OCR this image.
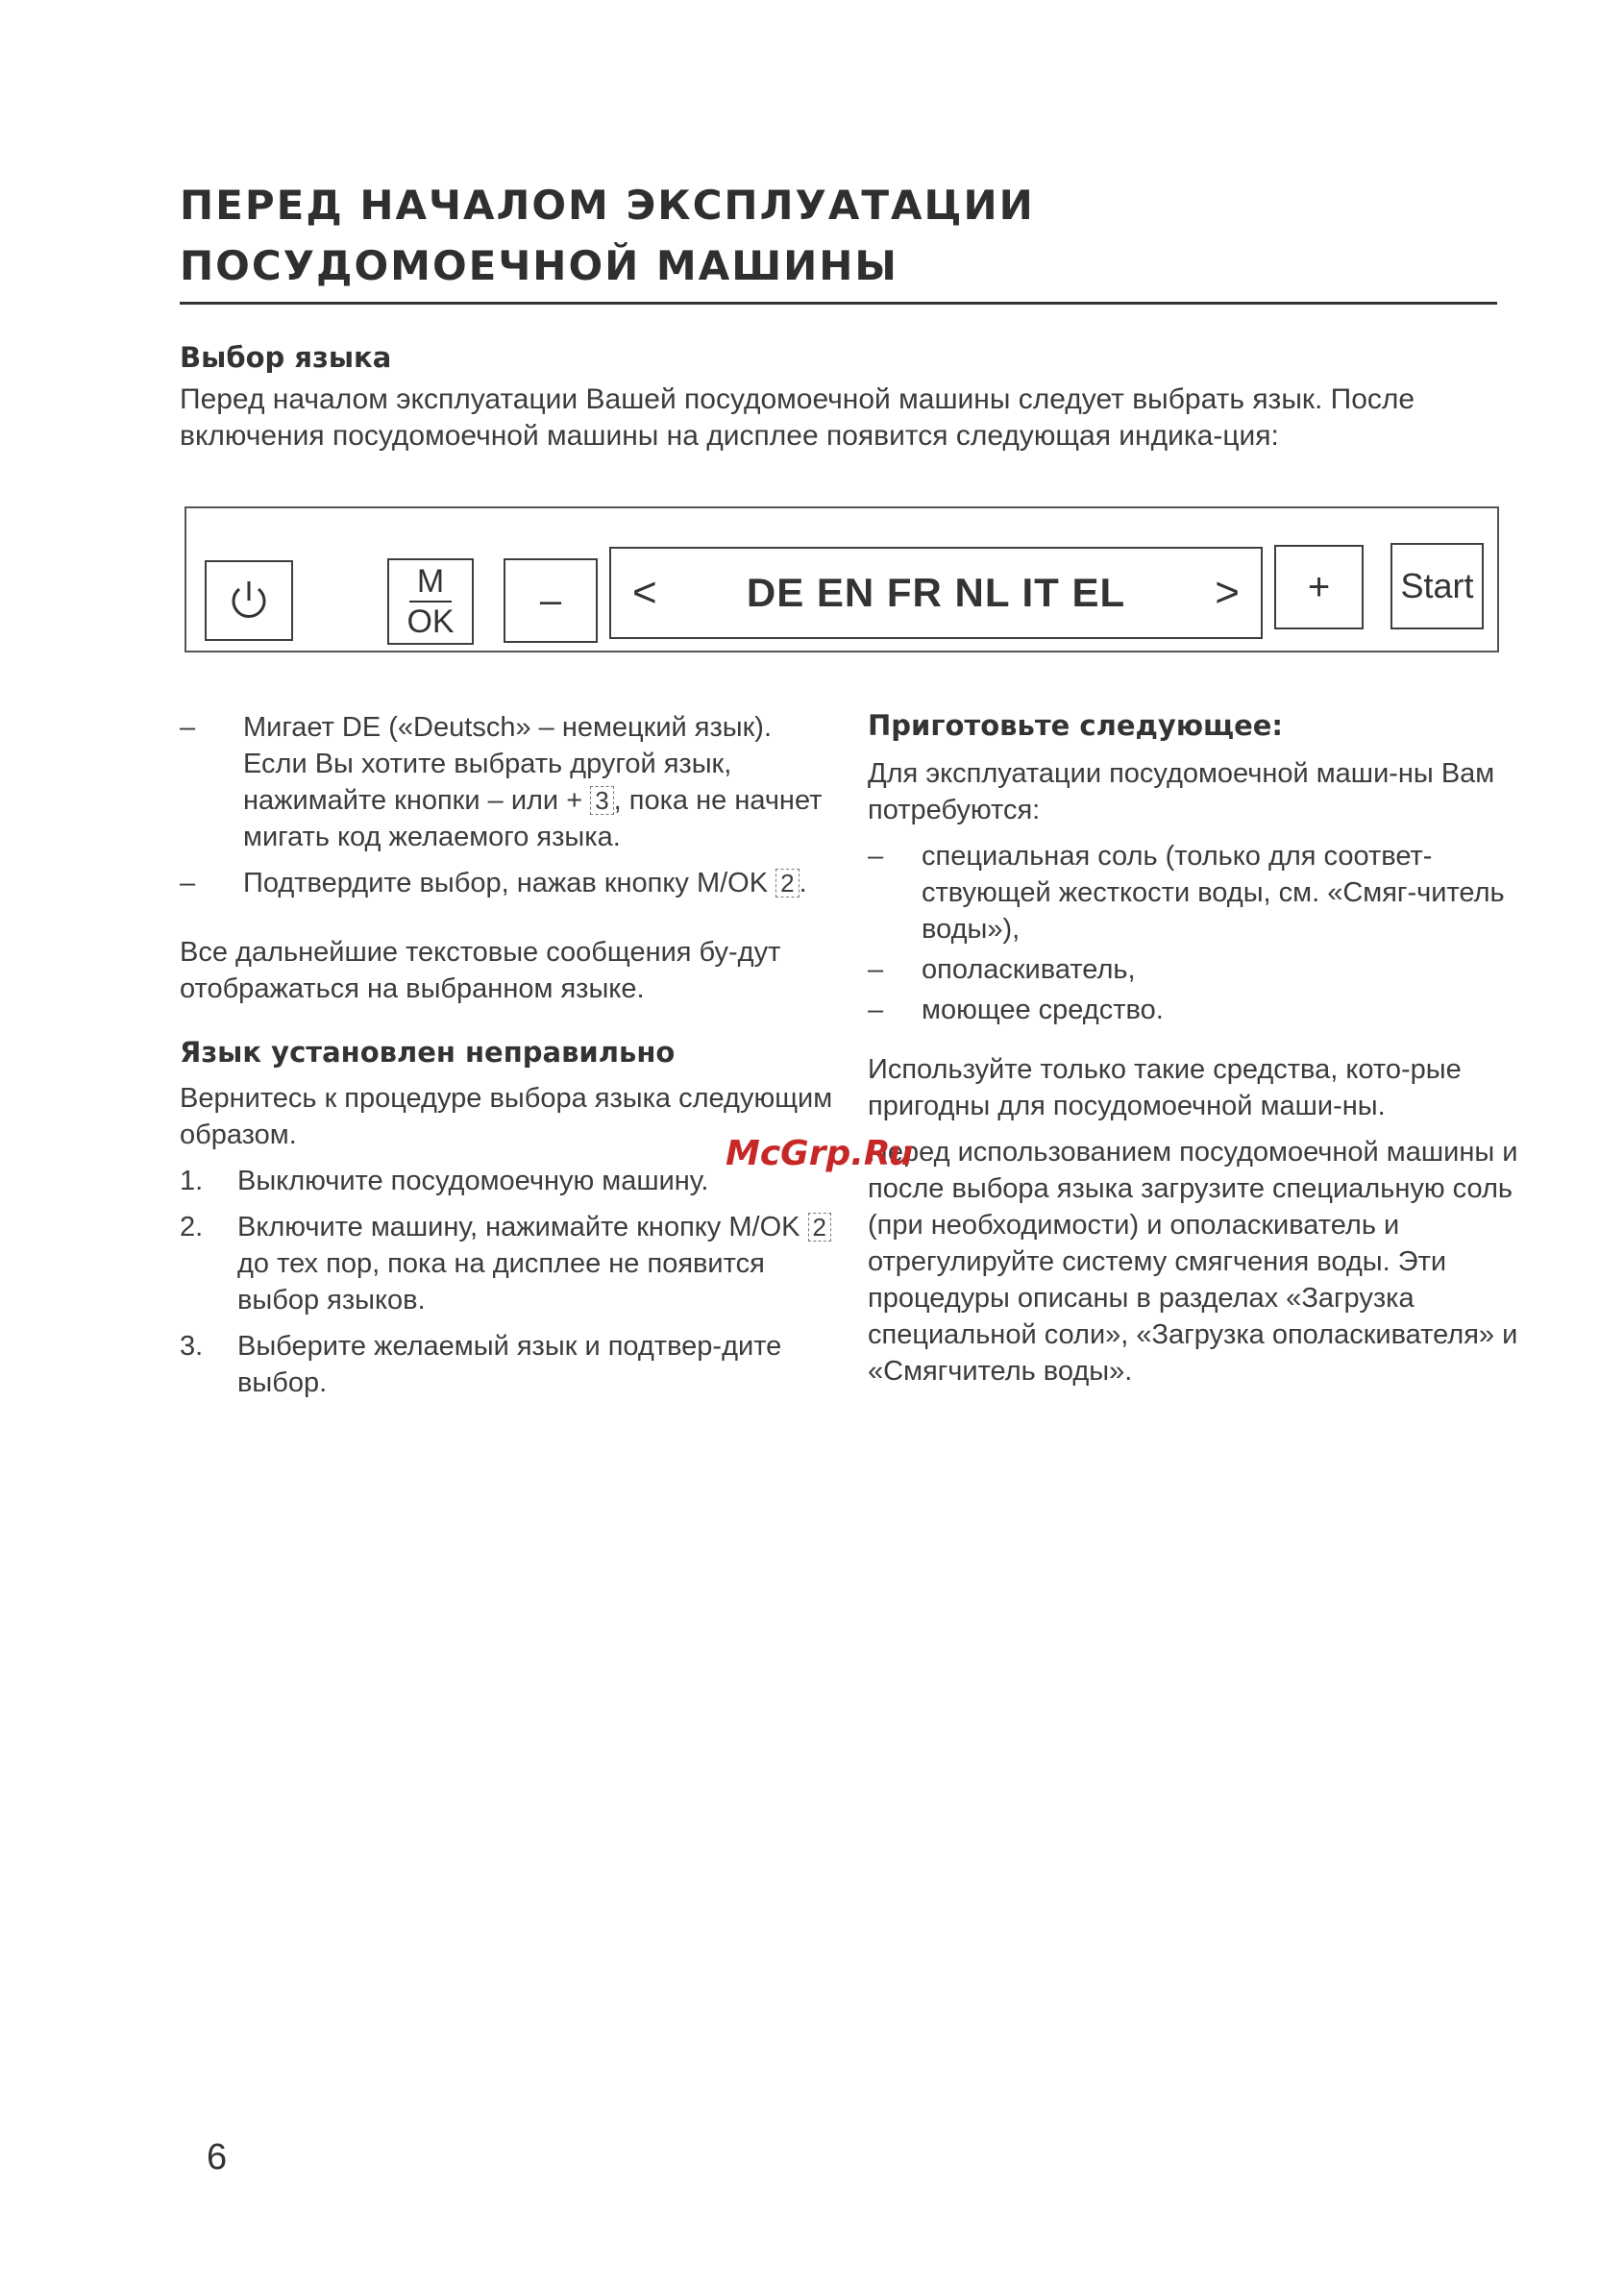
ПЕРЕД НАЧАЛОМ ЭКСПЛУАТАЦИИ
ПОСУДОМОЕЧНОЙ МАШИНЫ
Выбор языка
Перед началом эксплуатации Вашей посудомоечной машины следует выбрать язык. После включения посудомоечной машины на дисплее появится следующая индика-ция:
M
OK
–	< DE EN FR NL IT EL >	+	Start
– Мигает DE («Deutsch» – немецкий язык). Если Вы хотите выбрать другой язык, нажимайте кнопки – или + 3 , пока не начнет мигать код желаемого языка.
– Подтвердите выбор, нажав кнопку M/OK 2 .
Все дальнейшие текстовые сообщения бу-дут отображаться на выбранном языке.
Язык установлен неправильно
Вернитесь к процедуре выбора языка следующим образом.
1. Выключите посудомоечную машину.
2. Включите машину, нажимайте кнопку M/OK 2 до тех пор, пока на дисплее не появится выбор языков.
3. Выберите желаемый язык и подтвер-дите выбор.
Приготовьте следующее:
Для эксплуатации посудомоечной маши-ны Вам потребуются:
– специальная соль (только для соответ-ствующей жесткости воды, см. «Смяг-читель воды»),
– ополаскиватель,
– моющее средство.
Используйте только такие средства, кото-рые пригодны для посудомоечной маши-ны.
Перед использованием посудомоечной машины и после выбора языка загрузите специальную соль (при необходимости) и ополаскиватель и отрегулируйте систему смягчения воды. Эти процедуры описаны в разделах «Загрузка специальной соли», «Загрузка ополаскивателя» и «Смягчитель воды».
McGrp.Ru
6
